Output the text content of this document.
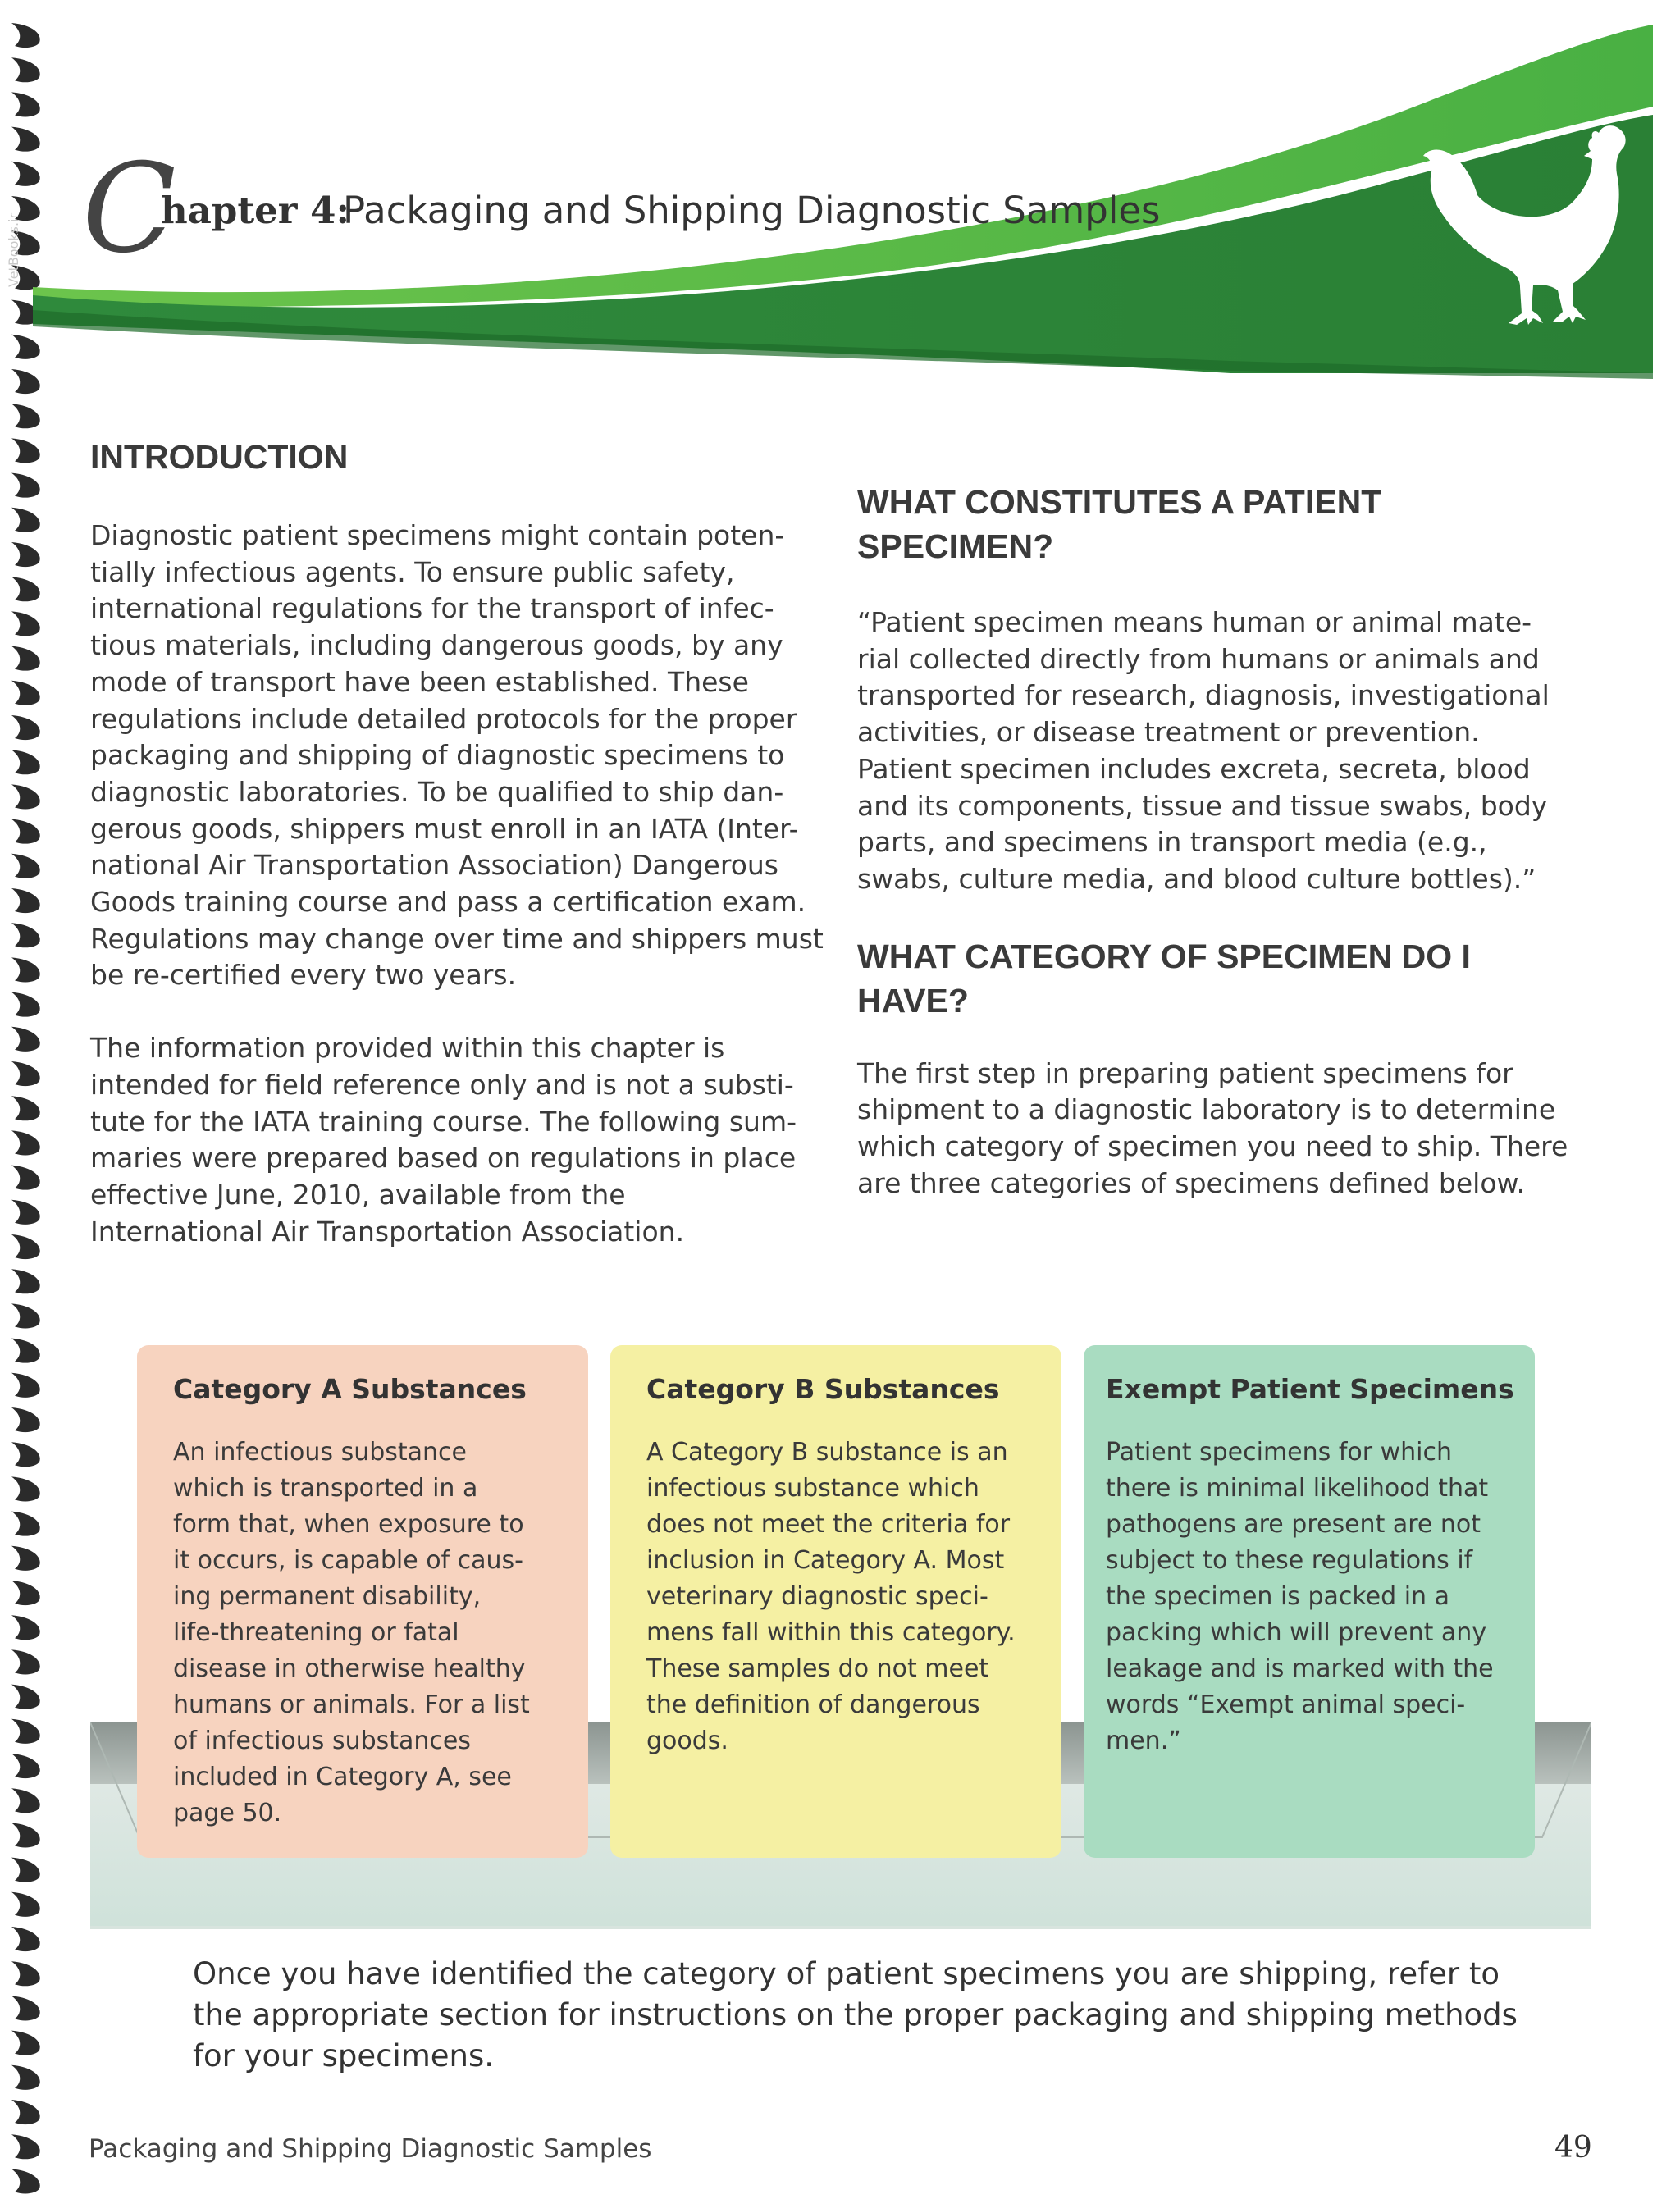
VetBooks.ir C
hapter 4:
Packaging and Shipping Diagnostic Samples
INTRODUCTION

Diagnostic patient specimens might contain poten-
tially infectious agents. To ensure public safety,
international regulations for the transport of infec-
tious materials, including dangerous goods, by any
mode of transport have been established. These
regulations include detailed protocols for the proper
packaging and shipping of diagnostic specimens to
diagnostic laboratories. To be qualified to ship dan-
gerous goods, shippers must enroll in an IATA (Inter-
national Air Transportation Association) Dangerous
Goods training course and pass a certification exam.
Regulations may change over time and shippers must
be re-certified every two years.

The information provided within this chapter is
intended for field reference only and is not a substi-
tute for the IATA training course. The following sum-
maries were prepared based on regulations in place
effective June, 2010, available from the
International Air Transportation Association.

WHAT CONSTITUTES A PATIENT
SPECIMEN?

“Patient specimen means human or animal mate-
rial collected directly from humans or animals and
transported for research, diagnosis, investigational
activities, or disease treatment or prevention.
Patient specimen includes excreta, secreta, blood
and its components, tissue and tissue swabs, body
parts, and specimens in transport media (e.g.,
swabs, culture media, and blood culture bottles).”

WHAT CATEGORY OF SPECIMEN DO I
HAVE?

The first step in preparing patient specimens for
shipment to a diagnostic laboratory is to determine
which category of specimen you need to ship. There
are three categories of specimens defined below.

Category A Substances

An infectious substance
which is transported in a
form that, when exposure to
it occurs, is capable of caus-
ing permanent disability,
life-threatening or fatal
disease in otherwise healthy
humans or animals. For a list
of infectious substances
included in Category A, see
page 50.

Category B Substances

A Category B substance is an
infectious substance which
does not meet the criteria for
inclusion in Category A. Most
veterinary diagnostic speci-
mens fall within this category.
These samples do not meet
the definition of dangerous
goods.

Exempt Patient Specimens

Patient specimens for which
there is minimal likelihood that
pathogens are present are not
subject to these regulations if
the specimen is packed in a
packing which will prevent any
leakage and is marked with the
words “Exempt animal speci-
men.”

Once you have identified the category of patient specimens you are shipping, refer to
the appropriate section for instructions on the proper packaging and shipping methods
for your specimens.

Packaging and Shipping Diagnostic Samples	49
